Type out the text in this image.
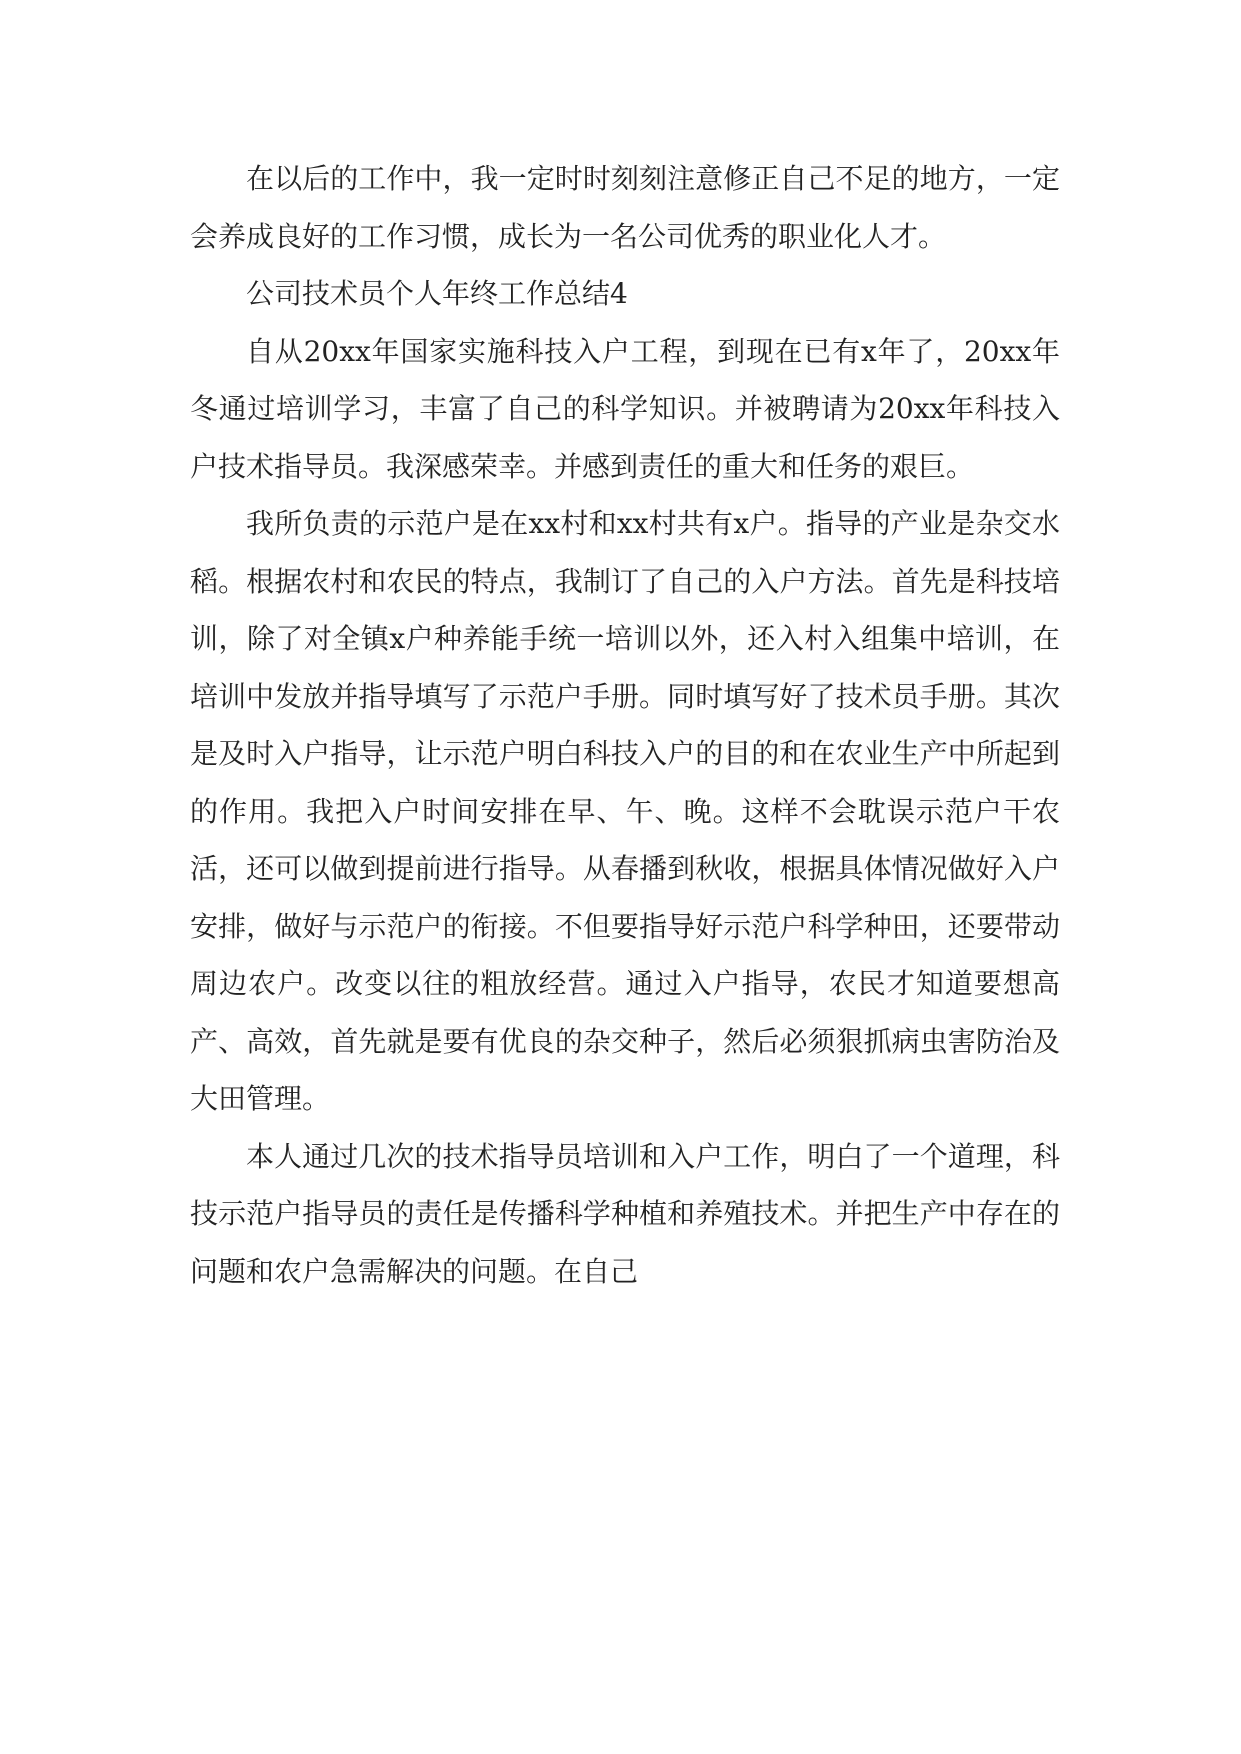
在以后的工作中，我一定时时刻刻注意修正自己不足的地方，一定会养成良好的工作习惯，成长为一名公司优秀的职业化人才。

公司技术员个人年终工作总结4

自从20xx年国家实施科技入户工程，到现在已有x年了，20xx年冬通过培训学习，丰富了自己的科学知识。并被聘请为20xx年科技入户技术指导员。我深感荣幸。并感到责任的重大和任务的艰巨。

我所负责的示范户是在xx村和xx村共有x户。指导的产业是杂交水稻。根据农村和农民的特点，我制订了自己的入户方法。首先是科技培训，除了对全镇x户种养能手统一培训以外，还入村入组集中培训，在培训中发放并指导填写了示范户手册。同时填写好了技术员手册。其次是及时入户指导，让示范户明白科技入户的目的和在农业生产中所起到的作用。我把入户时间安排在早、午、晚。这样不会耽误示范户干农活，还可以做到提前进行指导。从春播到秋收，根据具体情况做好入户安排，做好与示范户的衔接。不但要指导好示范户科学种田，还要带动周边农户。改变以往的粗放经营。通过入户指导，农民才知道要想高产、高效，首先就是要有优良的杂交种子，然后必须狠抓病虫害防治及大田管理。

本人通过几次的技术指导员培训和入户工作，明白了一个道理，科技示范户指导员的责任是传播科学种植和养殖技术。并把生产中存在的问题和农户急需解决的问题。在自己
